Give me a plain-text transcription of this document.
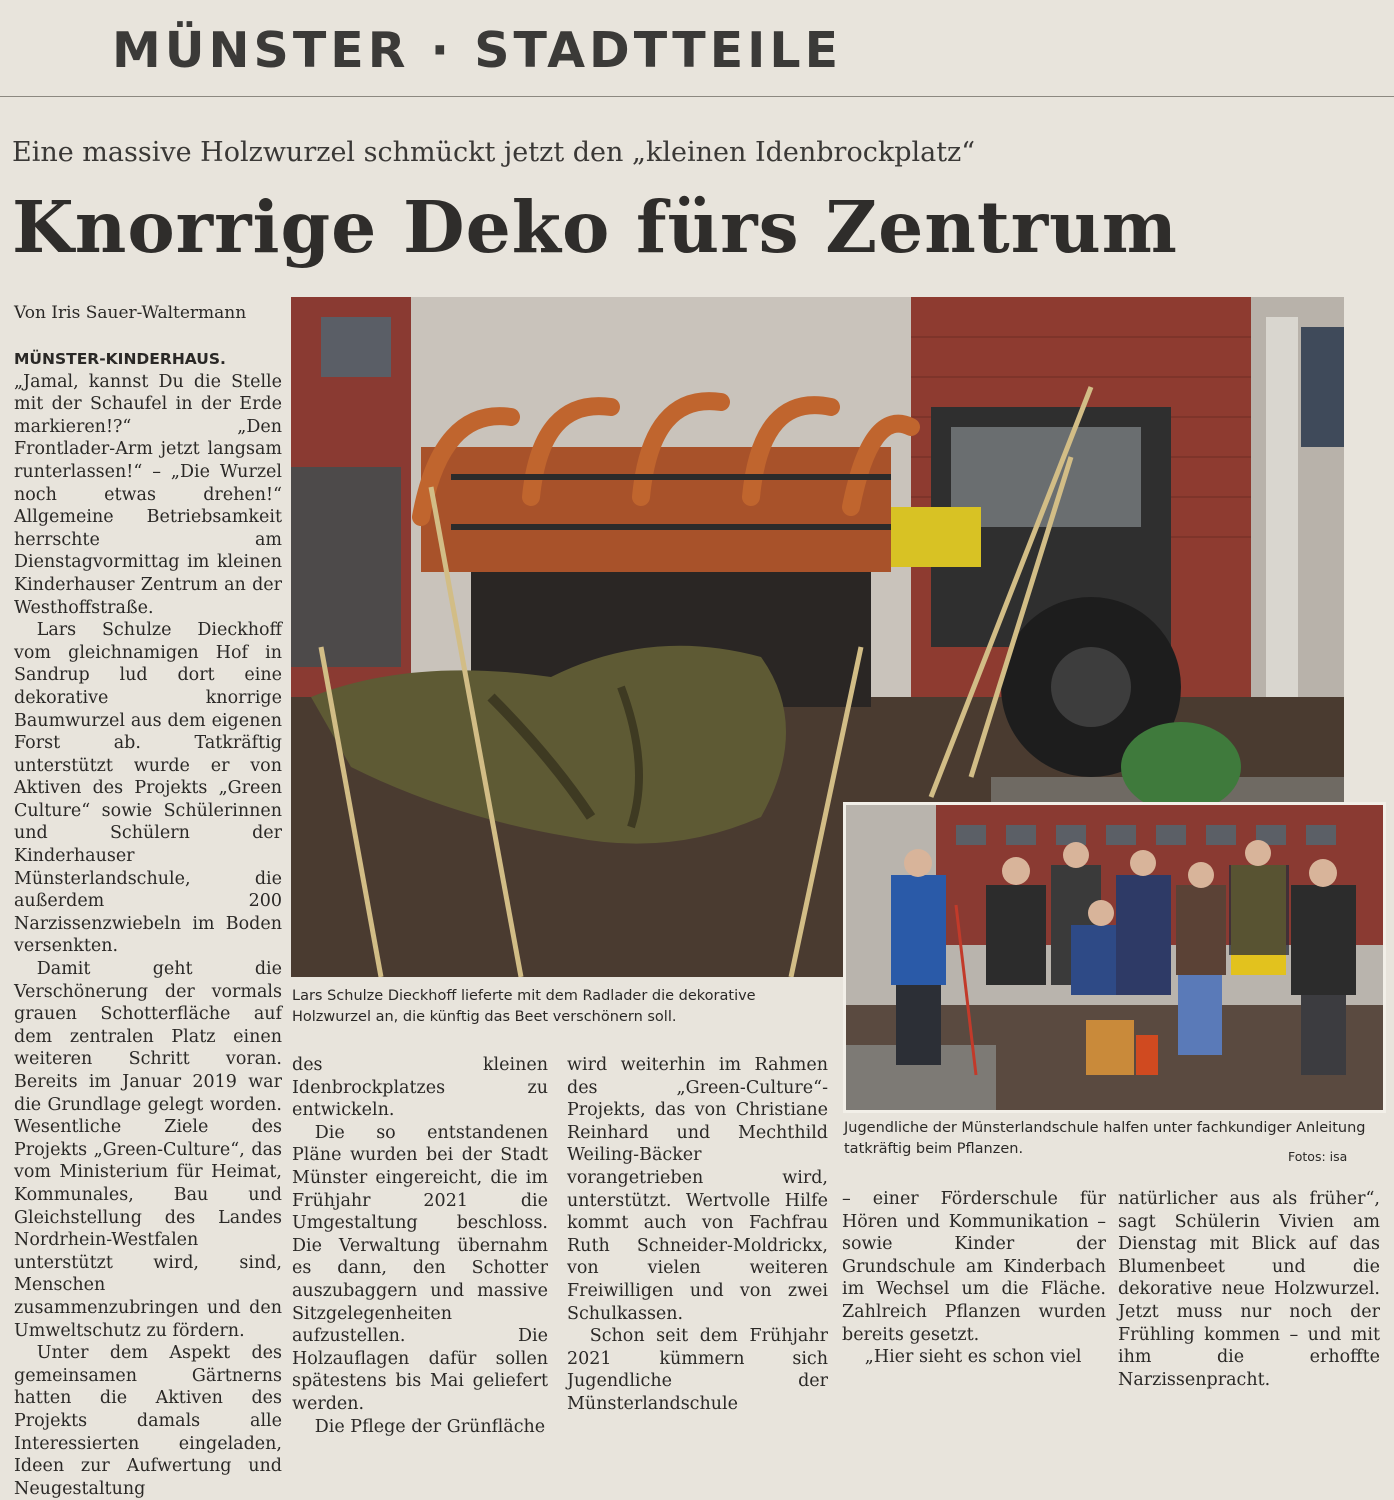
MÜNSTER · STADTTEILE
Eine massive Holzwurzel schmückt jetzt den „kleinen Idenbrockplatz“
Knorrige Deko fürs Zentrum
Von Iris Sauer-Waltermann
Lars Schulze Dieckhoff lieferte mit dem Radlader die dekorative Holzwurzel an, die künftig das Beet verschönern soll.
Jugendliche der Münsterlandschule halfen unter fachkundiger Anleitung tatkräftig beim Pflanzen.	Fotos: isa

MÜNSTER-KINDERHAUS. „Jamal, kannst Du die Stelle mit der Schaufel in der Erde markieren!?“ „Den Frontlader-Arm jetzt langsam runterlassen!“ – „Die Wurzel noch etwas drehen!“ Allgemeine Betriebsamkeit herrschte am Dienstagvormittag im kleinen Kinderhauser Zentrum an der Westhoffstraße.

Lars Schulze Dieckhoff vom gleichnamigen Hof in Sandrup lud dort eine dekorative knorrige Baumwurzel aus dem eigenen Forst ab. Tatkräftig unterstützt wurde er von Aktiven des Projekts „Green Culture“ sowie Schülerinnen und Schülern der Kinderhauser Münsterlandschule, die außerdem 200 Narzissenzwiebeln im Boden versenkten.

Damit geht die Verschönerung der vormals grauen Schotterfläche auf dem zentralen Platz einen weiteren Schritt voran. Bereits im Januar 2019 war die Grundlage gelegt worden. Wesentliche Ziele des Projekts „Green-Culture“, das vom Ministerium für Heimat, Kommunales, Bau und Gleichstellung des Landes Nordrhein-Westfalen unterstützt wird, sind, Menschen zusammenzubringen und den Umweltschutz zu fördern.

Unter dem Aspekt des gemeinsamen Gärtnerns hatten die Aktiven des Projekts damals alle Interessierten eingeladen, Ideen zur Aufwertung und Neugestaltung

des kleinen Idenbrockplatzes zu entwickeln.

Die so entstandenen Pläne wurden bei der Stadt Münster eingereicht, die im Frühjahr 2021 die Umgestaltung beschloss. Die Verwaltung übernahm es dann, den Schotter auszubaggern und massive Sitzgelegenheiten aufzustellen. Die Holzauflagen dafür sollen spätestens bis Mai geliefert werden.

Die Pflege der Grünfläche

wird weiterhin im Rahmen des „Green-Culture“-Projekts, das von Christiane Reinhard und Mechthild Weiling-Bäcker vorangetrieben wird, unterstützt. Wertvolle Hilfe kommt auch von Fachfrau Ruth Schneider-Moldrickx, von vielen weiteren Freiwilligen und von zwei Schulkassen.

Schon seit dem Frühjahr 2021 kümmern sich Jugendliche der Münsterlandschule

– einer Förderschule für Hören und Kommunikation – sowie Kinder der Grundschule am Kinderbach im Wechsel um die Fläche. Zahlreich Pflanzen wurden bereits gesetzt.

„Hier sieht es schon viel

natürlicher aus als früher“, sagt Schülerin Vivien am Dienstag mit Blick auf das Blumenbeet und die dekorative neue Holzwurzel. Jetzt muss nur noch der Frühling kommen – und mit ihm die erhoffte Narzissenpracht.
